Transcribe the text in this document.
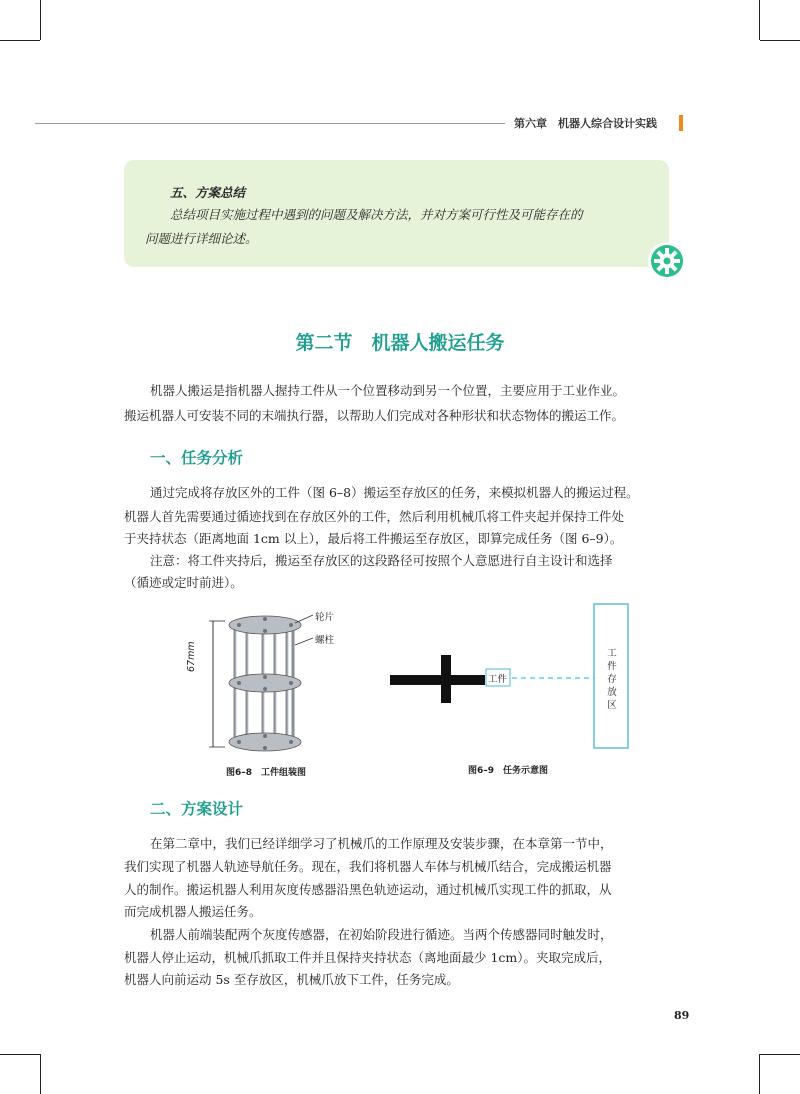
第六章　机器人综合设计实践
五、方案总结
总结项目实施过程中遇到的问题及解决方法，并对方案可行性及可能存在的
问题进行详细论述。
第二节　机器人搬运任务
机器人搬运是指机器人握持工件从一个位置移动到另一个位置，主要应用于工业作业。
搬运机器人可安装不同的末端执行器，以帮助人们完成对各种形状和状态物体的搬运工作。
一、任务分析
通过完成将存放区外的工件（图 6–8）搬运至存放区的任务，来模拟机器人的搬运过程。
机器人首先需要通过循迹找到在存放区外的工件，然后利用机械爪将工件夹起并保持工件处
于夹持状态（距离地面 1cm 以上），最后将工件搬运至存放区，即算完成任务（图 6–9）。
注意：将工件夹持后，搬运至存放区的这段路径可按照个人意愿进行自主设计和选择
（循迹或定时前进）。
轮片
螺柱
67mm
图6–8　工件组装图
工件
工件存放区
图6–9　任务示意图
二、方案设计
在第二章中，我们已经详细学习了机械爪的工作原理及安装步骤，在本章第一节中，
我们实现了机器人轨迹导航任务。现在，我们将机器人车体与机械爪结合，完成搬运机器
人的制作。搬运机器人利用灰度传感器沿黑色轨迹运动，通过机械爪实现工件的抓取，从
而完成机器人搬运任务。
机器人前端装配两个灰度传感器，在初始阶段进行循迹。当两个传感器同时触发时，
机器人停止运动，机械爪抓取工件并且保持夹持状态（离地面最少 1cm）。夹取完成后，
机器人向前运动 5s 至存放区，机械爪放下工件，任务完成。
89
